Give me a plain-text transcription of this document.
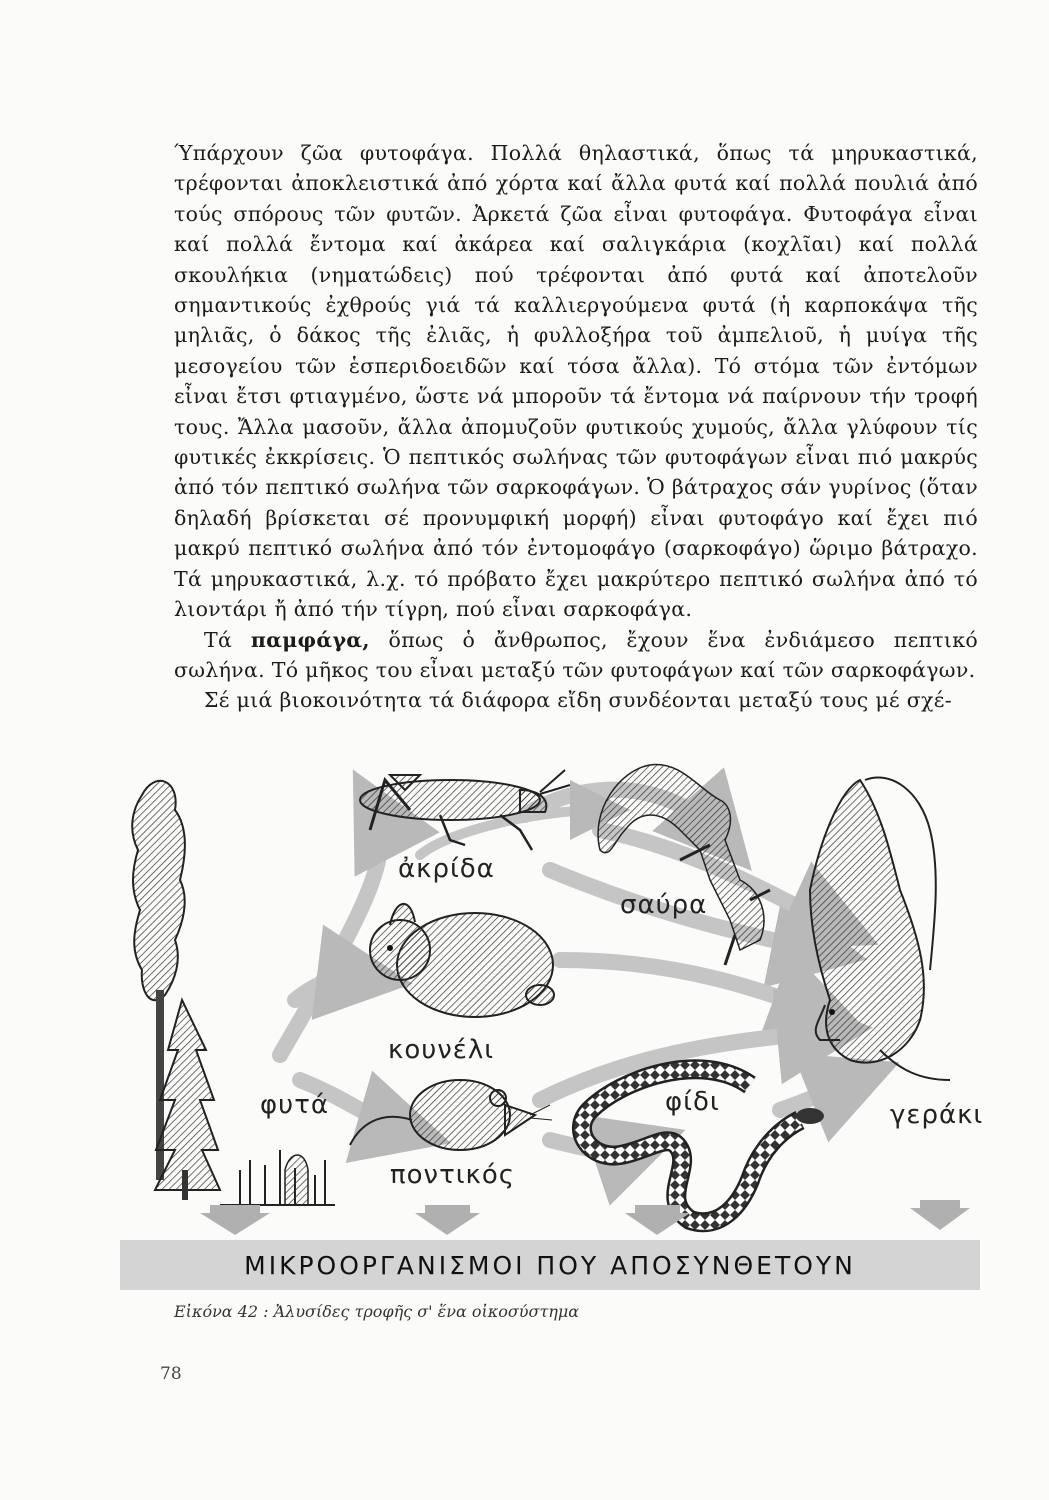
Ύπάρχουν ζῶα φυτοφάγα. Πολλά θηλαστικά, ὅπως τά μηρυκαστικά, τρέφονται ἀποκλειστικά ἀπό χόρτα καί ἄλλα φυτά καί πολλά πουλιά ἀπό τούς σπόρους τῶν φυτῶν. Ἀρκετά ζῶα εἶναι φυτοφάγα. Φυτοφάγα εἶναι καί πολλά ἔντομα καί ἀκάρεα καί σαλιγκάρια (κοχλῖαι) καί πολλά σκουλήκια (νηματώδεις) πού τρέφονται ἀπό φυτά καί ἀποτελοῦν σημαντικούς ἐχθρούς γιά τά καλλιεργούμενα φυτά (ἡ καρποκάψα τῆς μηλιᾶς, ὁ δάκος τῆς ἐλιᾶς, ἡ φυλλοξήρα τοῦ ἀμπελιοῦ, ἡ μυίγα τῆς μεσογείου τῶν ἑσπεριδοειδῶν καί τόσα ἄλλα). Τό στόμα τῶν ἐντόμων εἶναι ἔτσι φτιαγμένο, ὥστε νά μποροῦν τά ἔντομα νά παίρνουν τήν τροφή τους. Ἄλλα μασοῦν, ἄλλα ἀπομυζοῦν φυτικούς χυμούς, ἄλλα γλύφουν τίς φυτικές ἐκκρίσεις. Ὁ πεπτικός σωλήνας τῶν φυτοφάγων εἶναι πιό μακρύς ἀπό τόν πεπτικό σωλήνα τῶν σαρκοφάγων. Ὁ βάτραχος σάν γυρίνος (ὅταν δηλαδή βρίσκεται σέ προνυμφική μορφή) εἶναι φυτοφάγο καί ἔχει πιό μακρύ πεπτικό σωλήνα ἀπό τόν ἐντομοφάγο (σαρκοφάγο) ὥριμο βάτραχο. Τά μηρυκαστικά, λ.χ. τό πρόβατο ἔχει μακρύτερο πεπτικό σωλήνα ἀπό τό λιοντάρι ἤ ἀπό τήν τίγρη, πού εἶναι σαρκοφάγα.

Τά παμφάγα, ὅπως ὁ ἄνθρωπος, ἔχουν ἕνα ἐνδιάμεσο πεπτικό σωλήνα. Τό μῆκος του εἶναι μεταξύ τῶν φυτοφάγων καί τῶν σαρκοφάγων.

Σέ μιά βιοκοινότητα τά διάφορα εἴδη συνδέονται μεταξύ τους μέ σχέ-

ἀκρίδα
σαύρα
κουνέλι
φυτά	φίδι	γεράκι
ποντικός
ΜΙΚΡΟΟΡΓΑΝΙΣΜΟΙ ΠΟΥ ΑΠΟΣΥΝΘΕΤΟΥΝ
Εἰκόνα 42 : Ἀλυσίδες τροφῆς σ' ἕνα οἰκοσύστημα
78
